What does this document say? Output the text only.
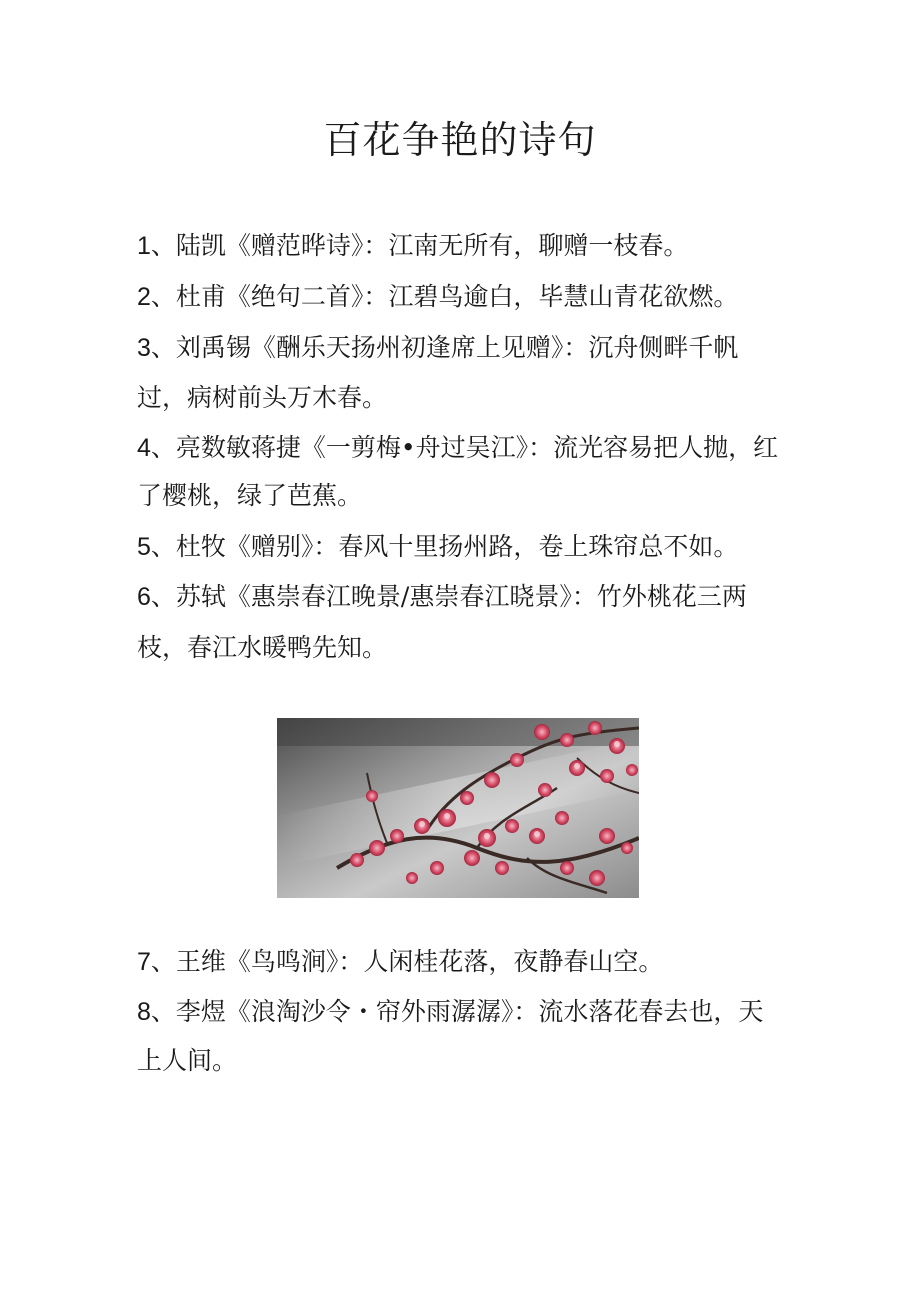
百花争艳的诗句
1、陆凯《赠范晔诗》：江南无所有，聊赠一枝春。
2、杜甫《绝句二首》：江碧鸟逾白，毕慧山青花欲燃。
3、刘禹锡《酬乐天扬州初逢席上见赠》：沉舟侧畔千帆
过，病树前头万木春。
4、亮数敏蒋捷《一剪梅•舟过吴江》：流光容易把人抛，红
了樱桃，绿了芭蕉。
5、杜牧《赠别》：春风十里扬州路，卷上珠帘总不如。
6、苏轼《惠崇春江晚景/惠崇春江晓景》：竹外桃花三两
枝，春江水暖鸭先知。
7、王维《鸟鸣涧》：人闲桂花落，夜静春山空。
8、李煜《浪淘沙令・帘外雨潺潺》：流水落花春去也，天
上人间。
